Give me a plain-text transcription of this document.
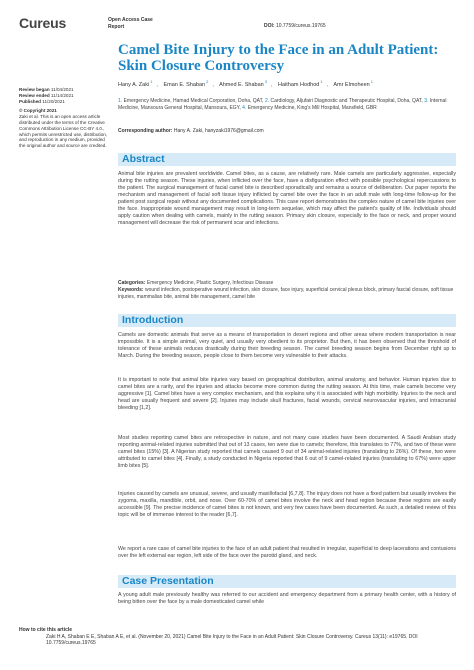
Cureus	Open Access Case
Report	DOI: 10.7759/cureus.19765
Camel Bite Injury to the Face in an Adult Patient: Skin Closure Controversy
Hany A. Zaki$^1$, Eman E. Shaban$^2$, Ahmed E. Shaban$^3$, Haitham Hodhod$^1$, Amr Elmoheen$^1$
1. Emergency Medicine, Hamad Medical Corporation, Doha, QAT, 2. Cardiology, Aljufairi Diagnostic and Therapeutic Hospital, Doha, QAT, 3. Internal Medicine, Mansoura General Hospital, Mansoura, EGY, 4. Emergency Medicine, King's Mill Hospital, Mansfield, GBR
Corresponding author: Hany A. Zaki, hanyzaki1976@gmail.com
Review began 11/04/2021
Review ended 11/14/2021
Published 11/20/2021
© Copyright 2021
Zaki et al. This is an open access article
distributed under the terms of the Creative
Commons Attribution License CC-BY 4.0.,
which permits unrestricted use, distribution,
and reproduction in any medium, provided
the original author and source are credited.
Abstract
Animal bite injuries are prevalent worldwide. Camel bites, as a cause, are relatively rare. Male camels are particularly aggressive, especially during the rutting season. These injuries, when inflicted over the face, have a disfiguration effect with possible psychological repercussions to the patient. The surgical management of facial camel bite is described sporadically and remains a source of deliberation. Our paper reports the mechanism and management of facial soft tissue injury inflicted by camel bite over the face in an adult male with long-time follow-up for the patient post surgical repair without any documented complications. This case report demonstrates the complex nature of camel bite injuries over the face. Inappropriate wound management may result in long-term sequelae, which may affect the patient's quality of life. Individuals should apply caution when dealing with camels, mainly in the rutting season. Primary skin closure, especially to the face or neck, and proper wound management will decrease the risk of permanent scar and infections.
Categories: Emergency Medicine, Plastic Surgery, Infectious Disease
Keywords: wound infection, postoperative wound infection, skin closure, face injury, superficial cervical plexus block, primary fascial closure, soft tissue injuries, mammalian bite, animal bite management, camel bite
Introduction
Camels are domestic animals that serve as a means of transportation in desert regions and other areas where modern transportation is near impossible. It is a simple animal, very quiet, and usually very obedient to its proprietor. But then, it has been observed that the threshold of tolerance of these animals reduces drastically during their breeding season. The camel breeding season begins from December right up to March. During the breeding season, people close to them become very vulnerable to their attacks.
It is important to note that animal bite injuries vary based on geographical distribution, animal anatomy, and behavior. Human injuries due to camel bites are a rarity, and the injuries and attacks become more common during the rutting season. At this time, male camels become very aggressive [1]. Camel bites have a very complex mechanism, and this explains why it is associated with high morbidity. Injuries to the neck and head are usually frequent and severe [2]. Injuries may include skull fractures, facial wounds, cervical neurovascular injuries, and intracranial bleeding [1,2].
Most studies reporting camel bites are retrospective in nature, and not many case studies have been documented. A Saudi Arabian study reporting animal-related injuries submitted that out of 13 cases, ten were due to camels; therefore, this translates to 77%, and two of these were camel bites (15%) [3]. A Nigerian study reported that camels caused 9 out of 34 animal-related injuries (translating to 26%). Of these, two were attributed to camel bites [4]. Finally, a study conducted in Nigeria reported that 6 out of 9 camel-related injuries (translating to 67%) were upper limb bites [5].
Injuries caused by camels are unusual, severe, and usually maxillofacial [6,7,8]. The injury does not have a fixed pattern but usually involves the zygoma, maxilla, mandible, orbit, and nose. Over 60-70% of camel bites involve the neck and head region because these regions are easily accessible [9]. The precise incidence of camel bites is not known, and very few cases have been documented. As such, a detailed review of this topic will be of immense interest to the reader [6,7].
We report a rare case of camel bite injuries to the face of an adult patient that resulted in irregular, superficial to deep lacerations and contusions over the left external ear region, left side of the face over the parotid gland, and neck.
Case Presentation
A young adult male previously healthy was referred to our accident and emergency department from a primary health center, with a history of being bitten over the face by a male domesticated camel while
How to cite this article
Zaki H A, Shaban E E, Shaban A E, et al. (November 20, 2021) Camel Bite Injury to the Face in an Adult Patient: Skin Closure Controversy. Cureus 13(11): e19765. DOI 10.7759/cureus.19765
